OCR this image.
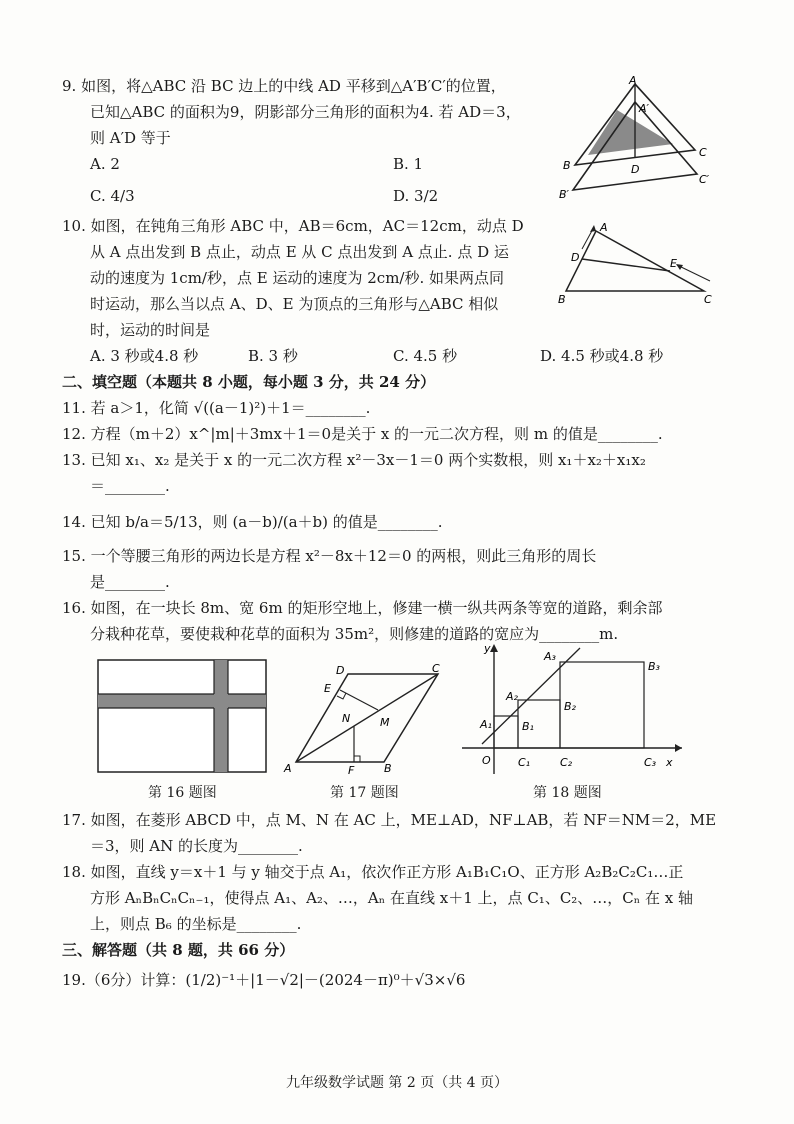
9. 如图，将△ABC 沿 BC 边上的中线 AD 平移到△A′B′C′的位置，
已知△ABC 的面积为9，阴影部分三角形的面积为4. 若 AD＝3，
则 A′D 等于
A. 2	B. 1
C. 4/3	D. 3/2
A
A′
B
C
D
B′
C′
10. 如图，在钝角三角形 ABC 中，AB＝6cm，AC＝12cm，动点 D
从 A 点出发到 B 点止，动点 E 从 C 点出发到 A 点止. 点 D 运
动的速度为 1cm/秒，点 E 运动的速度为 2cm/秒. 如果两点同
时运动，那么当以点 A、D、E 为顶点的三角形与△ABC 相似
时，运动的时间是
A. 3 秒或4.8 秒	B. 3 秒	C. 4.5 秒	D. 4.5 秒或4.8 秒
A
D	E
B	C
二、填空题（本题共 8 小题，每小题 3 分，共 24 分）
11. 若 a＞1，化简 √((a－1)²)＋1＝________.
12. 方程（m＋2）x^|m|＋3mx＋1＝0是关于 x 的一元二次方程，则 m 的值是________.
13. 已知 x₁、x₂ 是关于 x 的一元二次方程 x²－3x－1＝0 两个实数根，则 x₁＋x₂＋x₁x₂
＝________.
14. 已知 b/a＝5/13，则 (a－b)/(a＋b) 的值是________.
15. 一个等腰三角形的两边长是方程 x²－8x＋12＝0 的两根，则此三角形的周长
是________.
16. 如图，在一块长 8m、宽 6m 的矩形空地上，修建一横一纵共两条等宽的道路，剩余部
分栽种花草，要使栽种花草的面积为 35m²，则修建的道路的宽应为________m.
第 16 题图
D	C
E
N	M
A	F	B
第 17 题图
y
A₃
B₃
A₂
B₂
A₁	B₁
O C₁	C₂	C₃ x
第 18 题图
17. 如图，在菱形 ABCD 中，点 M、N 在 AC 上，ME⊥AD，NF⊥AB，若 NF＝NM＝2，ME
＝3，则 AN 的长度为________.
18. 如图，直线 y＝x＋1 与 y 轴交于点 A₁，依次作正方形 A₁B₁C₁O、正方形 A₂B₂C₂C₁…正
方形 AₙBₙCₙCₙ₋₁，使得点 A₁、A₂、…，Aₙ 在直线 x＋1 上，点 C₁、C₂、…，Cₙ 在 x 轴
上，则点 B₆ 的坐标是________.
三、解答题（共 8 题，共 66 分）
19.（6分）计算：(1/2)⁻¹＋|1－√2|－(2024－π)⁰＋√3×√6
九年级数学试题 第 2 页（共 4 页）
